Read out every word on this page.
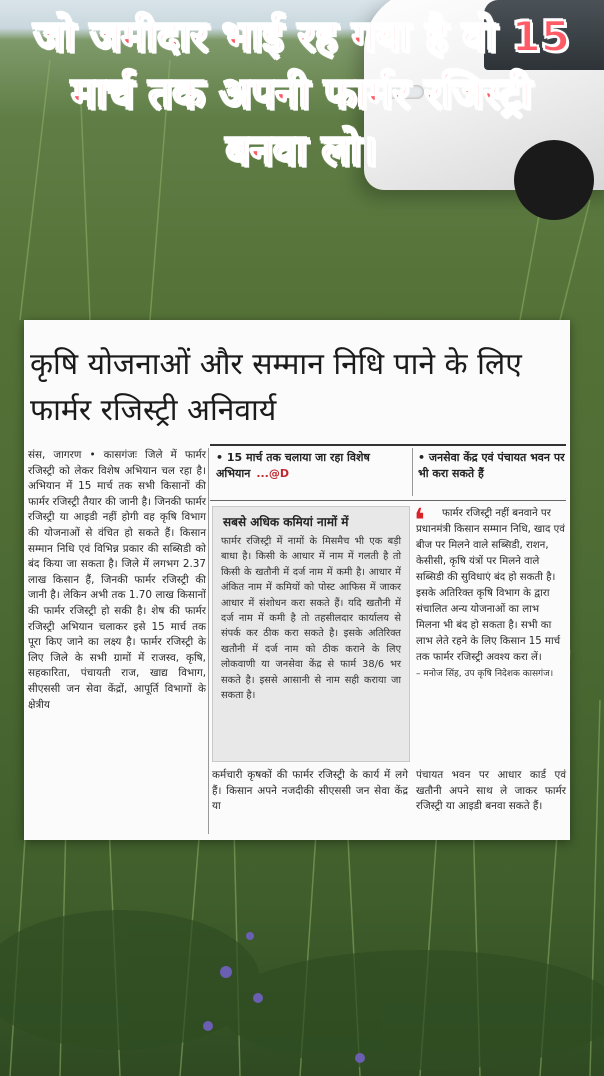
जो जमीदार भाई रह गया है वो 15 मार्च तक अपनी फार्मर रजिस्ट्री बनवा लो।
कृषि योजनाओं और सम्मान निधि पाने के लिए फार्मर रजिस्ट्री अनिवार्य
संस, जागरण • कासगंजः जिले में फार्मर रजिस्ट्री को लेकर विशेष अभियान चल रहा है। अभियान में 15 मार्च तक सभी किसानों की फार्मर रजिस्ट्री तैयार की जानी है। जिनकी फार्मर रजिस्ट्री या आइडी नहीं होगी वह कृषि विभाग की योजनाओं से वंचित हो सकते हैं। किसान सम्मान निधि एवं विभिन्न प्रकार की सब्सिडी को बंद किया जा सकता है। जिले में लगभग 2.37 लाख किसान हैं, जिनकी फार्मर रजिस्ट्री की जानी है। लेकिन अभी तक 1.70 लाख किसानों की फार्मर रजिस्ट्री हो सकी है। शेष की फार्मर रजिस्ट्री अभियान चलाकर इसे 15 मार्च तक पूरा किए जाने का लक्ष्य है। फार्मर रजिस्ट्री के लिए जिले के सभी ग्रामों में राजस्व, कृषि, सहकारिता, पंचायती राज, खाद्य विभाग, सीएससी जन सेवा केंद्रों, आपूर्ति विभागों के क्षेत्रीय
• 15 मार्च तक चलाया जा रहा विशेष अभियान ...@D
• जनसेवा केंद्र एवं पंचायत भवन पर भी करा सकते हैं
सबसे अधिक कमियां नामों में
फार्मर रजिस्ट्री में नामों के मिसमैच भी एक बड़ी बाधा है। किसी के आधार में नाम में गलती है तो किसी के खतौनी में दर्ज नाम में कमी है। आधार में अंकित नाम में कमियों को पोस्ट आफिस में जाकर आधार में संशोधन करा सकते हैं। यदि खतौनी में दर्ज नाम में कमी है तो तहसीलदार कार्यालय से संपर्क कर ठीक करा सकते है। इसके अतिरिक्त खतौनी में दर्ज नाम को ठीक कराने के लिए लोकवाणी या जनसेवा केंद्र से फार्म 38/6 भर सकते है। इससे आसानी से नाम सही कराया जा सकता है।
❛	फार्मर रजिस्ट्री नहीं बनवाने पर प्रधानमंत्री किसान सम्मान निधि, खाद एवं बीज पर मिलने वाले सब्सिडी, राशन, केसीसी, कृषि यंत्रों पर मिलने वाले सब्सिडी की सुविधाएं बंद हो सकती है। इसके अतिरिक्त कृषि विभाग के द्वारा संचालित अन्य योजनाओं का लाभ मिलना भी बंद हो सकता है। सभी का लाभ लेते रहने के लिए किसान 15 मार्च तक फार्मर रजिस्ट्री अवश्य करा लें।
– मनोज सिंह, उप कृषि निदेशक कासगंज।
कर्मचारी कृषकों की फार्मर रजिस्ट्री के कार्य में लगे हैं। किसान अपने नजदीकी सीएससी जन सेवा केंद्र या
पंचायत भवन पर आधार कार्ड एवं खतौनी अपने साथ ले जाकर फार्मर रजिस्ट्री या आइडी बनवा सकते हैं।
